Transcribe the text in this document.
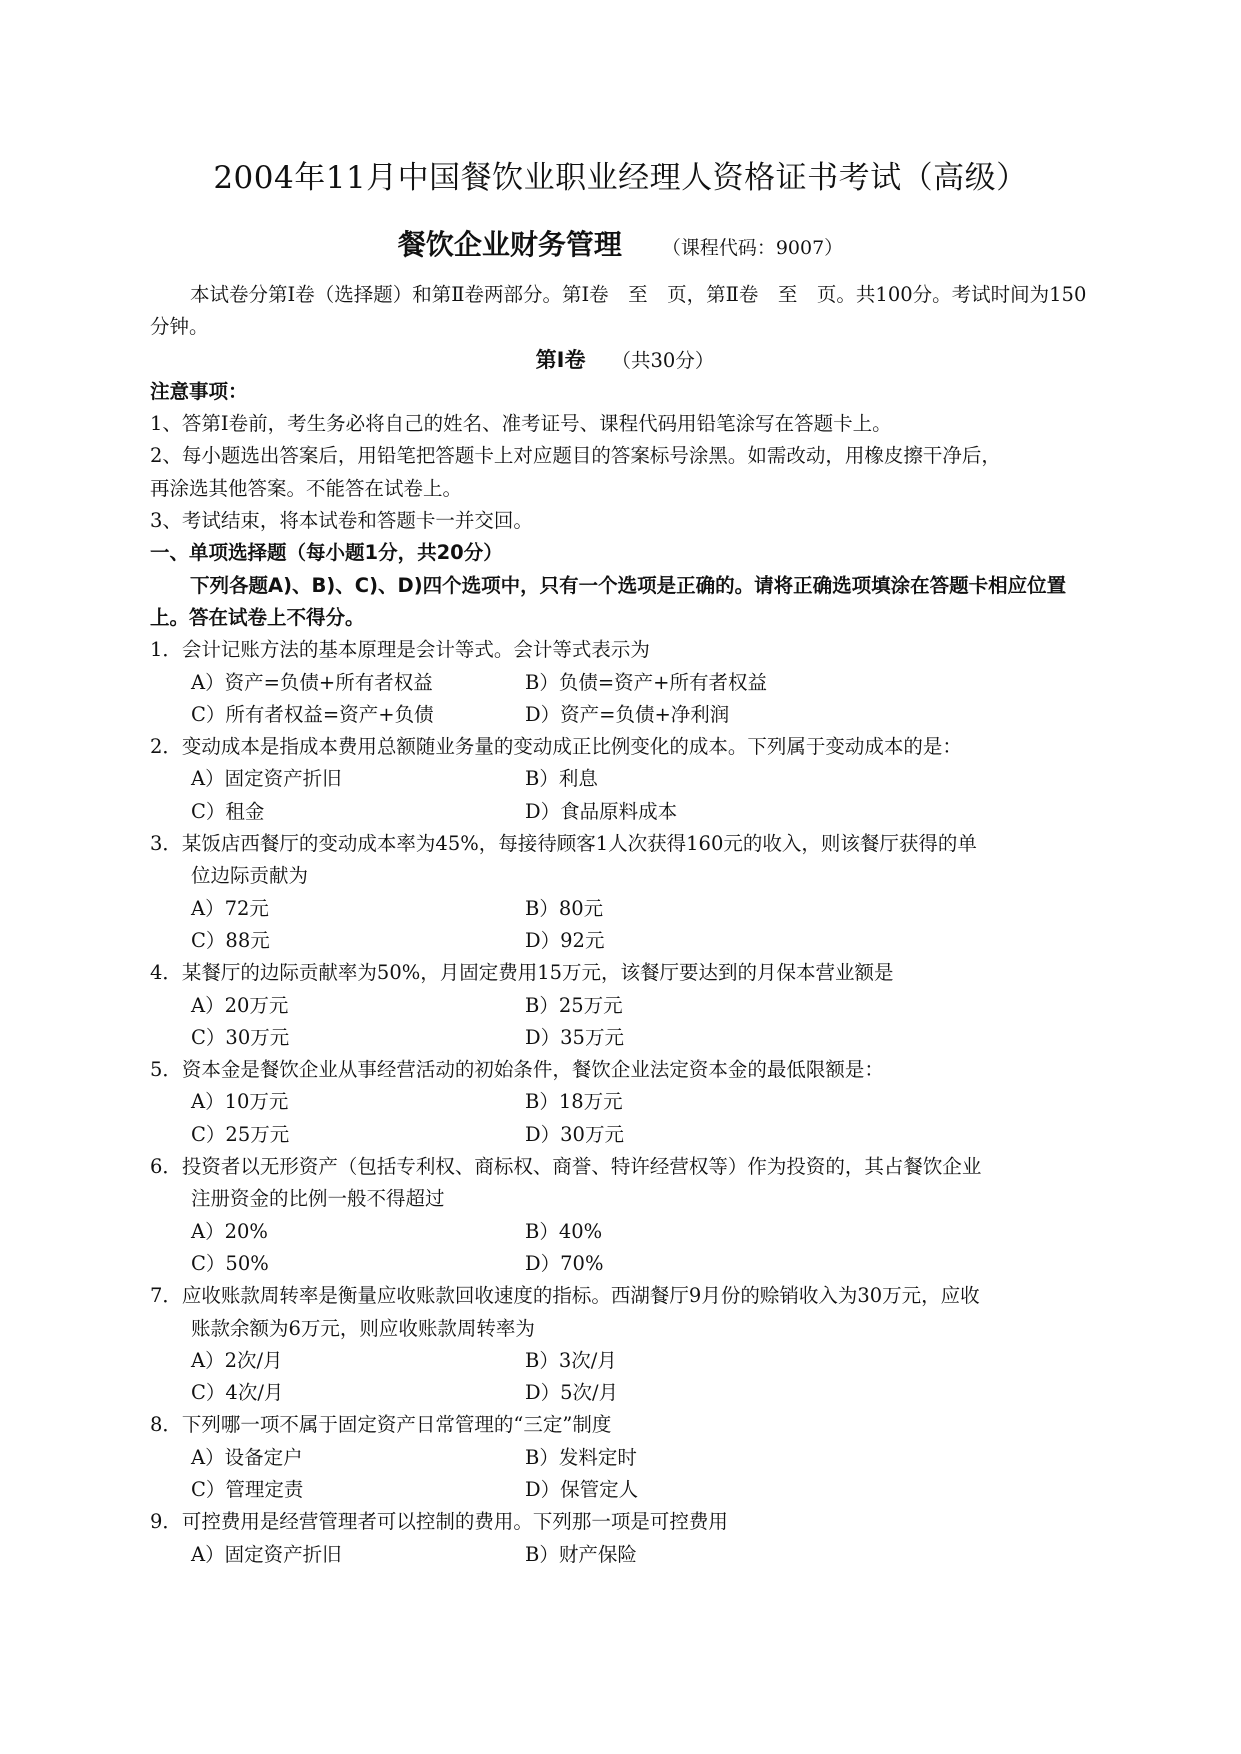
2004年11月中国餐饮业职业经理人资格证书考试（高级）
餐饮企业财务管理 （课程代码：9007）
本试卷分第Ⅰ卷（选择题）和第Ⅱ卷两部分。第Ⅰ卷　至　页，第Ⅱ卷　至　页。共100分。考试时间为150分钟。
第Ⅰ卷 （共30分）
注意事项：
1、答第Ⅰ卷前，考生务必将自己的姓名、准考证号、课程代码用铅笔涂写在答题卡上。
2、每小题选出答案后，用铅笔把答题卡上对应题目的答案标号涂黑。如需改动，用橡皮擦干净后，
再涂选其他答案。不能答在试卷上。
3、考试结束，将本试卷和答题卡一并交回。
一、单项选择题（每小题1分，共20分）
下列各题A)、B)、C)、D)四个选项中，只有一个选项是正确的。请将正确选项填涂在答题卡相应位置上。答在试卷上不得分。
1．会计记账方法的基本原理是会计等式。会计等式表示为
A）资产=负债+所有者权益	B）负债=资产+所有者权益
C）所有者权益=资产+负债	D）资产=负债+净利润
2．变动成本是指成本费用总额随业务量的变动成正比例变化的成本。下列属于变动成本的是：
A）固定资产折旧	B）利息
C）租金	D）食品原料成本
3．某饭店西餐厅的变动成本率为45%，每接待顾客1人次获得160元的收入，则该餐厅获得的单
位边际贡献为
A）72元	B）80元
C）88元	D）92元
4．某餐厅的边际贡献率为50%，月固定费用15万元，该餐厅要达到的月保本营业额是
A）20万元	B）25万元
C）30万元	D）35万元
5．资本金是餐饮企业从事经营活动的初始条件，餐饮企业法定资本金的最低限额是：
A）10万元	B）18万元
C）25万元	D）30万元
6．投资者以无形资产（包括专利权、商标权、商誉、特许经营权等）作为投资的，其占餐饮企业
注册资金的比例一般不得超过
A）20%	B）40%
C）50%	D）70%
7．应收账款周转率是衡量应收账款回收速度的指标。西湖餐厅9月份的赊销收入为30万元，应收
账款余额为6万元，则应收账款周转率为
A）2次/月	B）3次/月
C）4次/月	D）5次/月
8．下列哪一项不属于固定资产日常管理的“三定”制度
A）设备定户	B）发料定时
C）管理定责	D）保管定人
9．可控费用是经营管理者可以控制的费用。下列那一项是可控费用
A）固定资产折旧	B）财产保险
